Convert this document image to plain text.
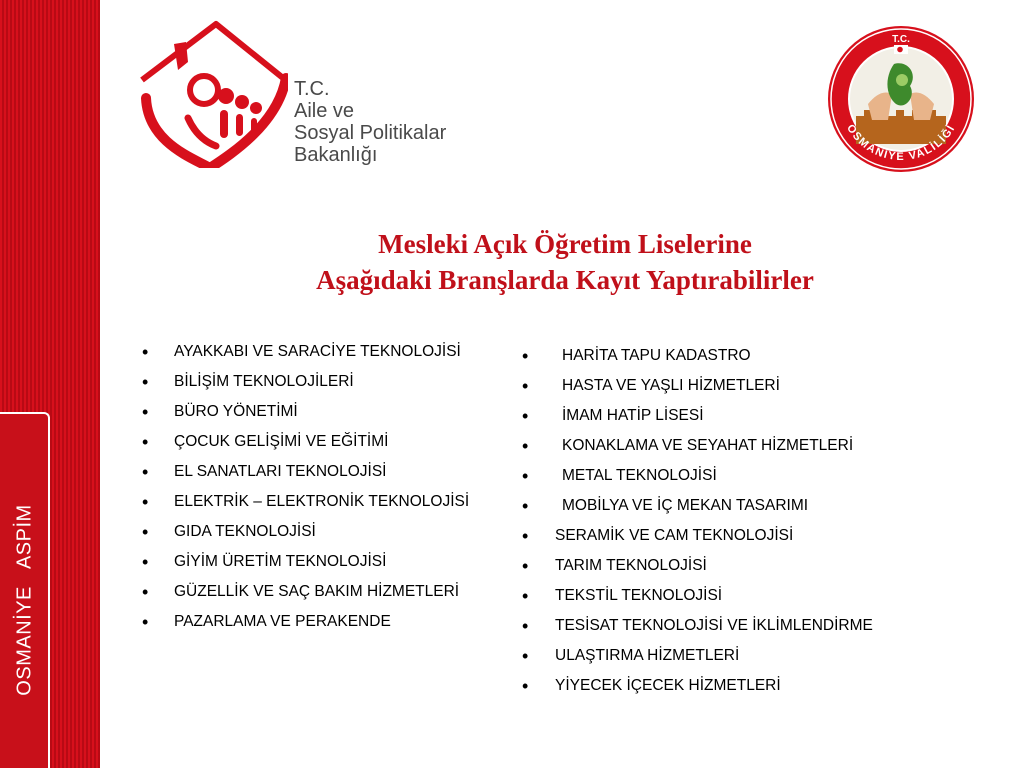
OSMANİYE   ASPİM
T.C.
Aile ve
Sosyal Politikalar
Bakanlığı
T.C.
OSMANİYE VALİLİĞİ
Mesleki Açık Öğretim Liselerine
Aşağıdaki Branşlarda Kayıt Yaptırabilirler
• AYAKKABI VE SARACİYE TEKNOLOJİSİ
• BİLİŞİM TEKNOLOJİLERİ
• BÜRO YÖNETİMİ
• ÇOCUK GELİŞİMİ VE EĞİTİMİ
• EL SANATLARI TEKNOLOJİSİ
• ELEKTRİK – ELEKTRONİK TEKNOLOJİSİ
• GIDA TEKNOLOJİSİ
• GİYİM ÜRETİM TEKNOLOJİSİ
• GÜZELLİK VE SAÇ BAKIM HİZMETLERİ
• PAZARLAMA VE PERAKENDE
• HARİTA TAPU KADASTRO
• HASTA VE YAŞLI HİZMETLERİ
• İMAM HATİP LİSESİ
• KONAKLAMA VE SEYAHAT HİZMETLERİ
• METAL TEKNOLOJİSİ
• MOBİLYA VE İÇ MEKAN TASARIMI
• SERAMİK VE CAM TEKNOLOJİSİ
• TARIM TEKNOLOJİSİ
• TEKSTİL TEKNOLOJİSİ
• TESİSAT TEKNOLOJİSİ VE İKLİMLENDİRME
• ULAŞTIRMA HİZMETLERİ
• YİYECEK İÇECEK HİZMETLERİ
